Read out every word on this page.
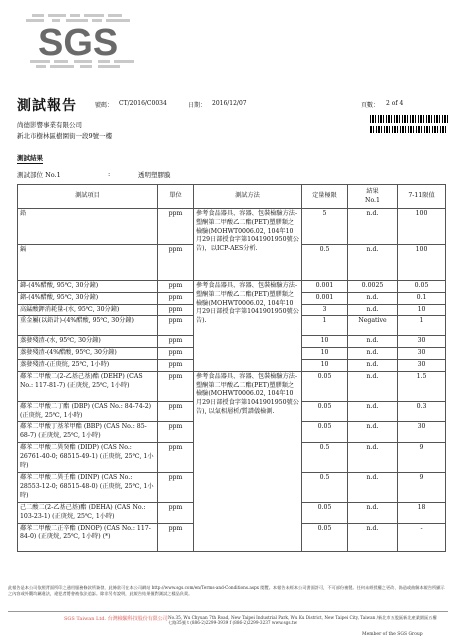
SGS
測試報告	號碼： CT/2016/C0034	日期： 2016/12/07	頁數： 2 of 4
尚德影響事業有限公司
新北市樹林區樹園街一段9號一樓
測試結果
測試部位 No.1	:	透明塑膠膜
測試項目	單位	測試方法	定量極限	結果
No.1	7-11限值
鉛	ppm	參考食品器具、容器、包裝檢驗方法-塑酮第二甲酸乙二酯(PET)塑膠類之檢驗(MOHWT0006.02, 104年10月29日部授食字第1041901950號公告)，以ICP-AES分析.	5	n.d.	100
鎘	ppm		0.5	n.d.	100
銻-(4%醋酸, 95℃, 30分鐘)	ppm	參考食品器具、容器、包裝檢驗方法-塑酮第二甲酸乙二酯(PET)塑膠類之檢驗(MOHWT0006.02, 104年10月29日部授食字第1041901950號公告).	0.001	0.0025	0.05
鍺-(4%醋酸, 95℃, 30分鐘)	ppm		0.001	n.d.	0.1
高錳酸鉀消耗量-(水, 95℃, 30分鐘)	ppm		3	n.d.	10
重金屬(以鉛計)-(4%醋酸, 95℃, 30分鐘)	ppm		1	Negative	1
蒸發殘渣-(水, 95℃, 30分鐘)	ppm		10	n.d.	30
蒸發殘渣-(4%醋酸, 95℃, 30分鐘)	ppm		10	n.d.	30
蒸發殘渣-(正庚烷, 25℃, 1小時)	ppm		10	n.d.	30
鄰苯二甲酸二(2-乙基己基)酯 (DEHP) (CAS No.: 117-81-7) (正庚烷, 25℃, 1小時)	ppm	參考食品器具、容器、包裝檢驗方法-塑酮第二甲酸乙二酯(PET)塑膠類之檢驗(MOHWT0006.02, 104年10月29日部授食字第1041901950號公告), 以氣相層析/質譜儀檢測.	0.05	n.d.	1.5
鄰苯二甲酸二丁酯 (DBP) (CAS No.: 84-74-2) (正庚烷, 25℃, 1小時)	ppm		0.05	n.d.	0.3
鄰苯二甲酸丁基苯甲酯 (BBP) (CAS No.: 85-68-7) (正庚烷, 25℃, 1小時)	ppm		0.05	n.d.	30
鄰苯二甲酸二異癸酯 (DIDP) (CAS No.: 26761-40-0; 68515-49-1) (正庚烷, 25℃, 1小時)	ppm		0.5	n.d.	9
鄰苯二甲酸二異壬酯 (DINP) (CAS No.: 28553-12-0; 68515-48-0) (正庚烷, 25℃, 1小時)	ppm		0.5	n.d.	9
己二酸二(2-乙基己基)酯 (DEHA) (CAS No.: 103-23-1) (正庚烷, 25℃, 1小時)	ppm		0.05	n.d.	18
鄰苯二甲酸二正辛酯 (DNOP) (CAS No.: 117-84-0) (正庚烷, 25℃, 1小時) (*)	ppm		0.05	n.d.	-
此報告是本公司依照背面所印之通用服務條款所簽發，此條款可在本公司網站 http://www.sgs.com/en/Terms-and-Conditions.aspx 閱覽。本報告未經本公司書面許可，不可部份複製。任何未經授權之更改、偽造或曲解本報告所顯示之內容或外觀均屬違法，違犯者將會被依法追訴。除非另有說明，此報告結果僅對測試之樣品負責。
SGS Taiwan Ltd. 台灣檢驗科技股份有限公司 No.35, Wu Chyuan 7th Road, New Taipei Industrial Park, Wu Ku District, New Taipei City, Taiwan /新北市五股區新北產業園區五權七路35號 t (886-2)2299-3939 f (886-2)2299-3237 www.sgs.tw
Member of the SGS Group
